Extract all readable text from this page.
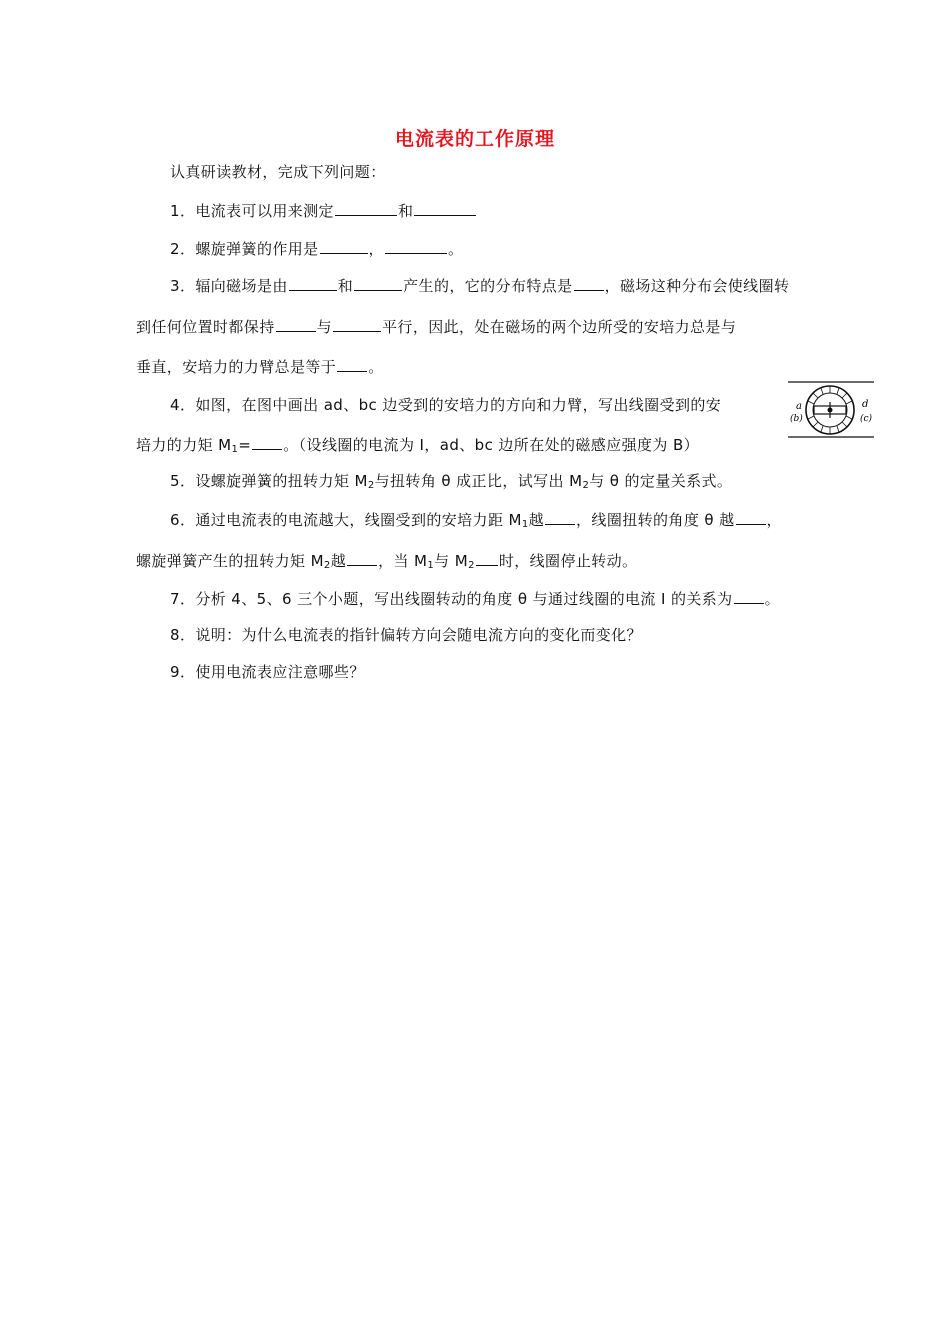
电流表的工作原理
认真研读教材，完成下列问题：
1．电流表可以用来测定	和
2．螺旋弹簧的作用是	，	。
3．辐向磁场是由	和	产生的，它的分布特点是 ，磁场这种分布会使线圈转
到任何位置时都保持	与	平行，因此，处在磁场的两个边所受的安培力总是与
垂直，安培力的力臂总是等于 。
4．如图，在图中画出 ad、bc 边受到的安培力的方向和力臂，写出线圈受到的安
培力的力矩 $M_1=$ 。（设线圈的电流为 I，ad、bc 边所在处的磁感应强度为 B）
a
(b)	(c)
d
5．设螺旋弹簧的扭转力矩 $M_2$与扭转角 θ 成正比，试写出 $M_2$与 θ 的定量关系式。
6．通过电流表的电流越大，线圈受到的安培力距 $M_1$越 ，线圈扭转的角度 θ 越 ，
螺旋弹簧产生的扭转力矩 $M_2$越 ，当 $M_1$与 $M_2$ 时，线圈停止转动。
7．分析 4、5、6 三个小题，写出线圈转动的角度 θ 与通过线圈的电流 I 的关系为 。
8．说明：为什么电流表的指针偏转方向会随电流方向的变化而变化？
9．使用电流表应注意哪些？
